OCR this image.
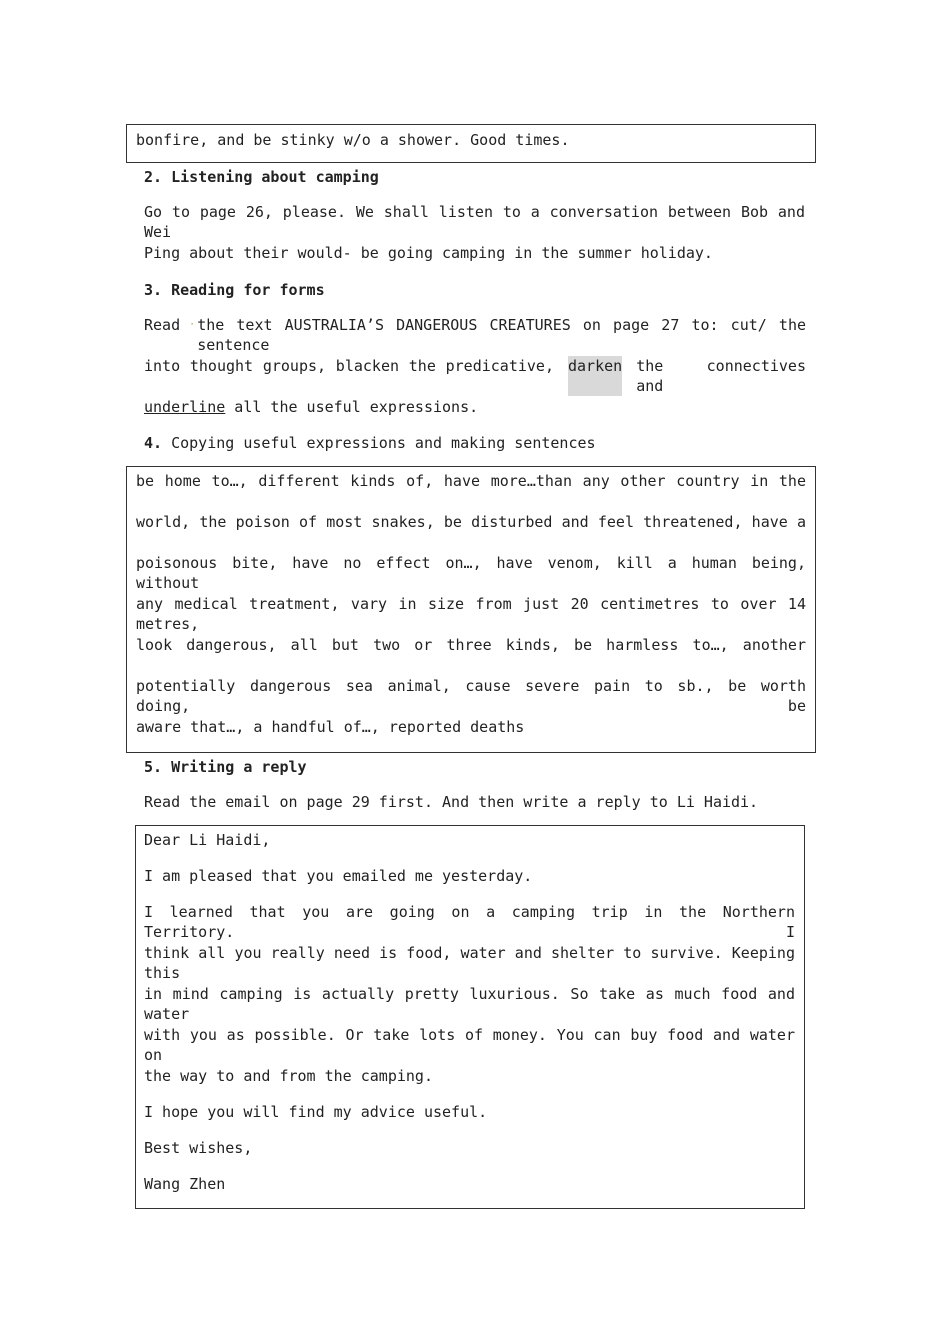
bonfire, and be stinky w/o a shower. Good times.
2. Listening about camping
Go to page 26, please. We shall listen to a conversation between Bob and Wei
Ping about their would- be going camping in the summer holiday.
3. Reading for forms
Read · the text AUSTRALIA’S DANGEROUS CREATURES on page 27 to: cut/ the sentence
into thought groups, blacken the predicative, darken the connectives and
underline all the useful expressions.
4. Copying useful expressions and making sentences
be home to…, different kinds of, have more…than any other country in the
world, the poison of most snakes, be disturbed and feel threatened, have a
poisonous bite, have no effect on…, have venom, kill a human being, without
any medical treatment, vary in size from just 20 centimetres to over 14 metres,
look dangerous, all but two or three kinds, be harmless to…, another
potentially dangerous sea animal, cause severe pain to sb., be worth doing, be
aware that…, a handful of…, reported deaths
5. Writing a reply
Read the email on page 29 first. And then write a reply to Li Haidi.
Dear Li Haidi,
I am pleased that you emailed me yesterday.
I learned that you are going on a camping trip in the Northern Territory. I
think all you really need is food, water and shelter to survive. Keeping this
in mind camping is actually pretty luxurious. So take as much food and water
with you as possible. Or take lots of money. You can buy food and water on
the way to and from the camping.
I hope you will find my advice useful.
Best wishes,
Wang Zhen
